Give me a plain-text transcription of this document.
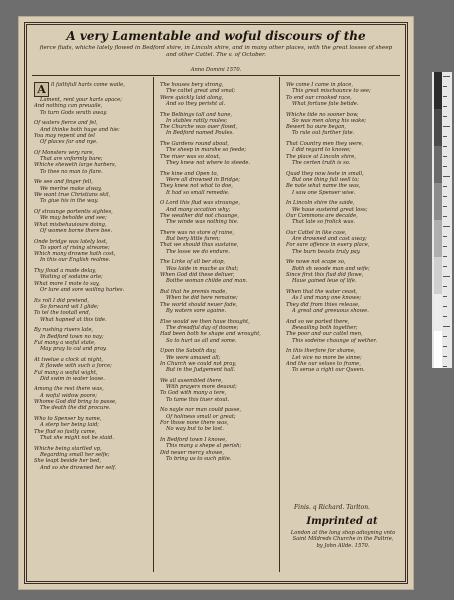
A very Lamentable and woful discours of the
fierce fluds, whiche lately flowed in Bedford shire, in Lincoln shire, and in many other places, with the great losses of sheep and other Cattel. The v. of October.
Anno Domini 1570.
A	ll faithfull harts come waile,
Lament, rent your harts apace;
And nothing can preuaile,
To turn Gods wrath away.
Of waters fierce and fel,
And thinke both huge and hie:
You may repent and tel
Of places far and nye.
Of Monsters very rare,
That are vnformly bare;
Whiche sheweth large harbers,
To thee no man to flare.
We see and finger fell,
We merlne make alway,
We want true Christians skil,
To giue his in the way.
Of straunge portentis sightes,
We may beholde and see;
What misbehauioure doing,
Of women borne there bee.
Onde bridge was lately lost,
To sport of rising streame;
Which many drowne hath cost,
In this our English realme.
Thy floud a made delay,
Waiting of sodaine arte;
What more I mote to say,
Or lure and sore wailing hartes.
Its roll I did pretend,
So forward wil I glide;
To tel the tootall end,
What hapned at this tide.
By rushing riuers late,
In Bedford town no nay;
Ful many a woful state,
May pray to cal and pray.
At twelue a clock at night,
It flowde with such a force;
Ful many a woful wight,
Did swim in water loose.
Among the rest there was,
A woful widow poore;
Whome God did bring to passe,
The death the did procure.
Who to Spenser by name,
A sterp her being laid;
The flud so fastly came,
That she might not be staid.
Whiche being startled vp,
Regarding small her selfe;
She leapt beside her bed,
And so she drowned her self.
The houses bery strong,
The cattel great and smal;
Were quickly laid along,
And so they perisht al.
The Belbings tall and hane,
In stables rattly roules;
The Churche was ouer flowd,
In Bedford named Poules.
The Gardens round about,
The sheep in marshe so feede;
The riuer was so stout,
They knew not where to steede.
The kine and Open to,
Were all drowned in Bridge;
They knew not what to doe,
It had so small remedie.
O Lord this flud was straunge,
And many occation why;
The weather did not chaunge,
The winde was nothing hie.
There was no store of raine,
But bery little furen;
That we should thus sustaine,
The losse we do endure.
The Lirke of all ber stop,
Was laide in muche as that;
When God did these deliuer,
Boithe woman childe and man.
But that he premis made,
When he did here remaine;
The world should neuer fade,
By waters sore againe.
Else would we then haue thought,
The dreadful day of doome;
Had been both he shape and wrought,
So to hurt us all and some.
Upon the Saboth day,
We were amased all;
In Church we could not pray,
But in the Judgement hall.
We all assembled there,
With prayers more deuout;
To God with many a tere,
To tame this tiuer stout.
No nayle nor man could passe,
Of holiness small or great;
For those none there was,
No way but to be lost.
In Bedford town I knowe,
This many a shepe al perish;
Did neuer mercy showe,
To bring us to such pitie.
We come I came in place,
This great mischaunce to see;
To end our crooked race,
What fortune fate betide.
Whiche tide no sooner bow,
So was men along his wake;
Bewert ha oure began,
To rule out further fate.
That Country men they were,
I did regard to knowe;
The place at Lincoln shire,
The certen truth is so.
Quad they now leste in small,
But one thing full well to;
Be nate what name the was,
I saw one Spenser wise.
In Lincoln shire the saide,
We haue susteind great loss;
Our Commons are decaide,
That late so frolick was.
Our Cattel in like case,
Are drowned and cast away;
For sure offence in euery place,
The burn beasts truly pay.
We nowe not scape so,
Both sh woode man and wife;
Since first this flud did flowe,
Haue gained leue of life.
When that the water ceast,
As I and many one knowe;
They did from thies release,
A great and greeuous showe.
And so we parted there,
Bewailing both together;
The poor and our cattel men,
This sodeine chaunge of wether.
In this therfore for shame,
Let vice no more be sinne;
And the our selues to frame,
To serue a right our Queen.
Finis. q Richard. Tarlton.
Imprinted at
London at the long shop adioyning vnto Saint Mildreds Churche in the Pultrie, by John Allde. 1570.
